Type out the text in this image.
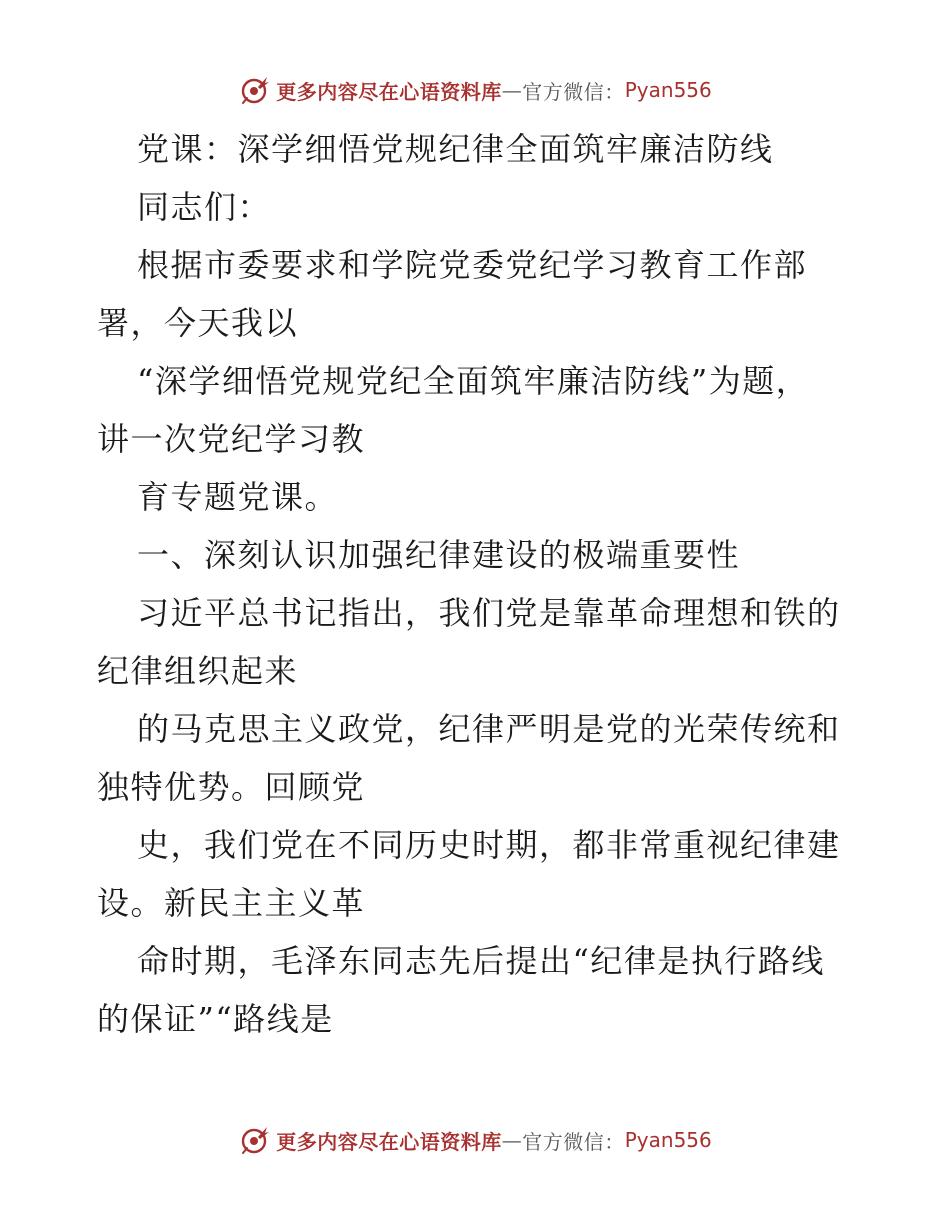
更多内容尽在心语资料库 — 官方微信： Pyan556

党课：深学细悟党规纪律全面筑牢廉洁防线

同志们：

根据市委要求和学院党委党纪学习教育工作部

署，今天我以

“深学细悟党规党纪全面筑牢廉洁防线”为题，

讲一次党纪学习教

育专题党课。

一、深刻认识加强纪律建设的极端重要性

习近平总书记指出，我们党是靠革命理想和铁的

纪律组织起来

的马克思主义政党，纪律严明是党的光荣传统和

独特优势。回顾党

史，我们党在不同历史时期，都非常重视纪律建

设。新民主主义革

命时期，毛泽东同志先后提出“纪律是执行路线

的保证”“路线是

更多内容尽在心语资料库 — 官方微信： Pyan556
